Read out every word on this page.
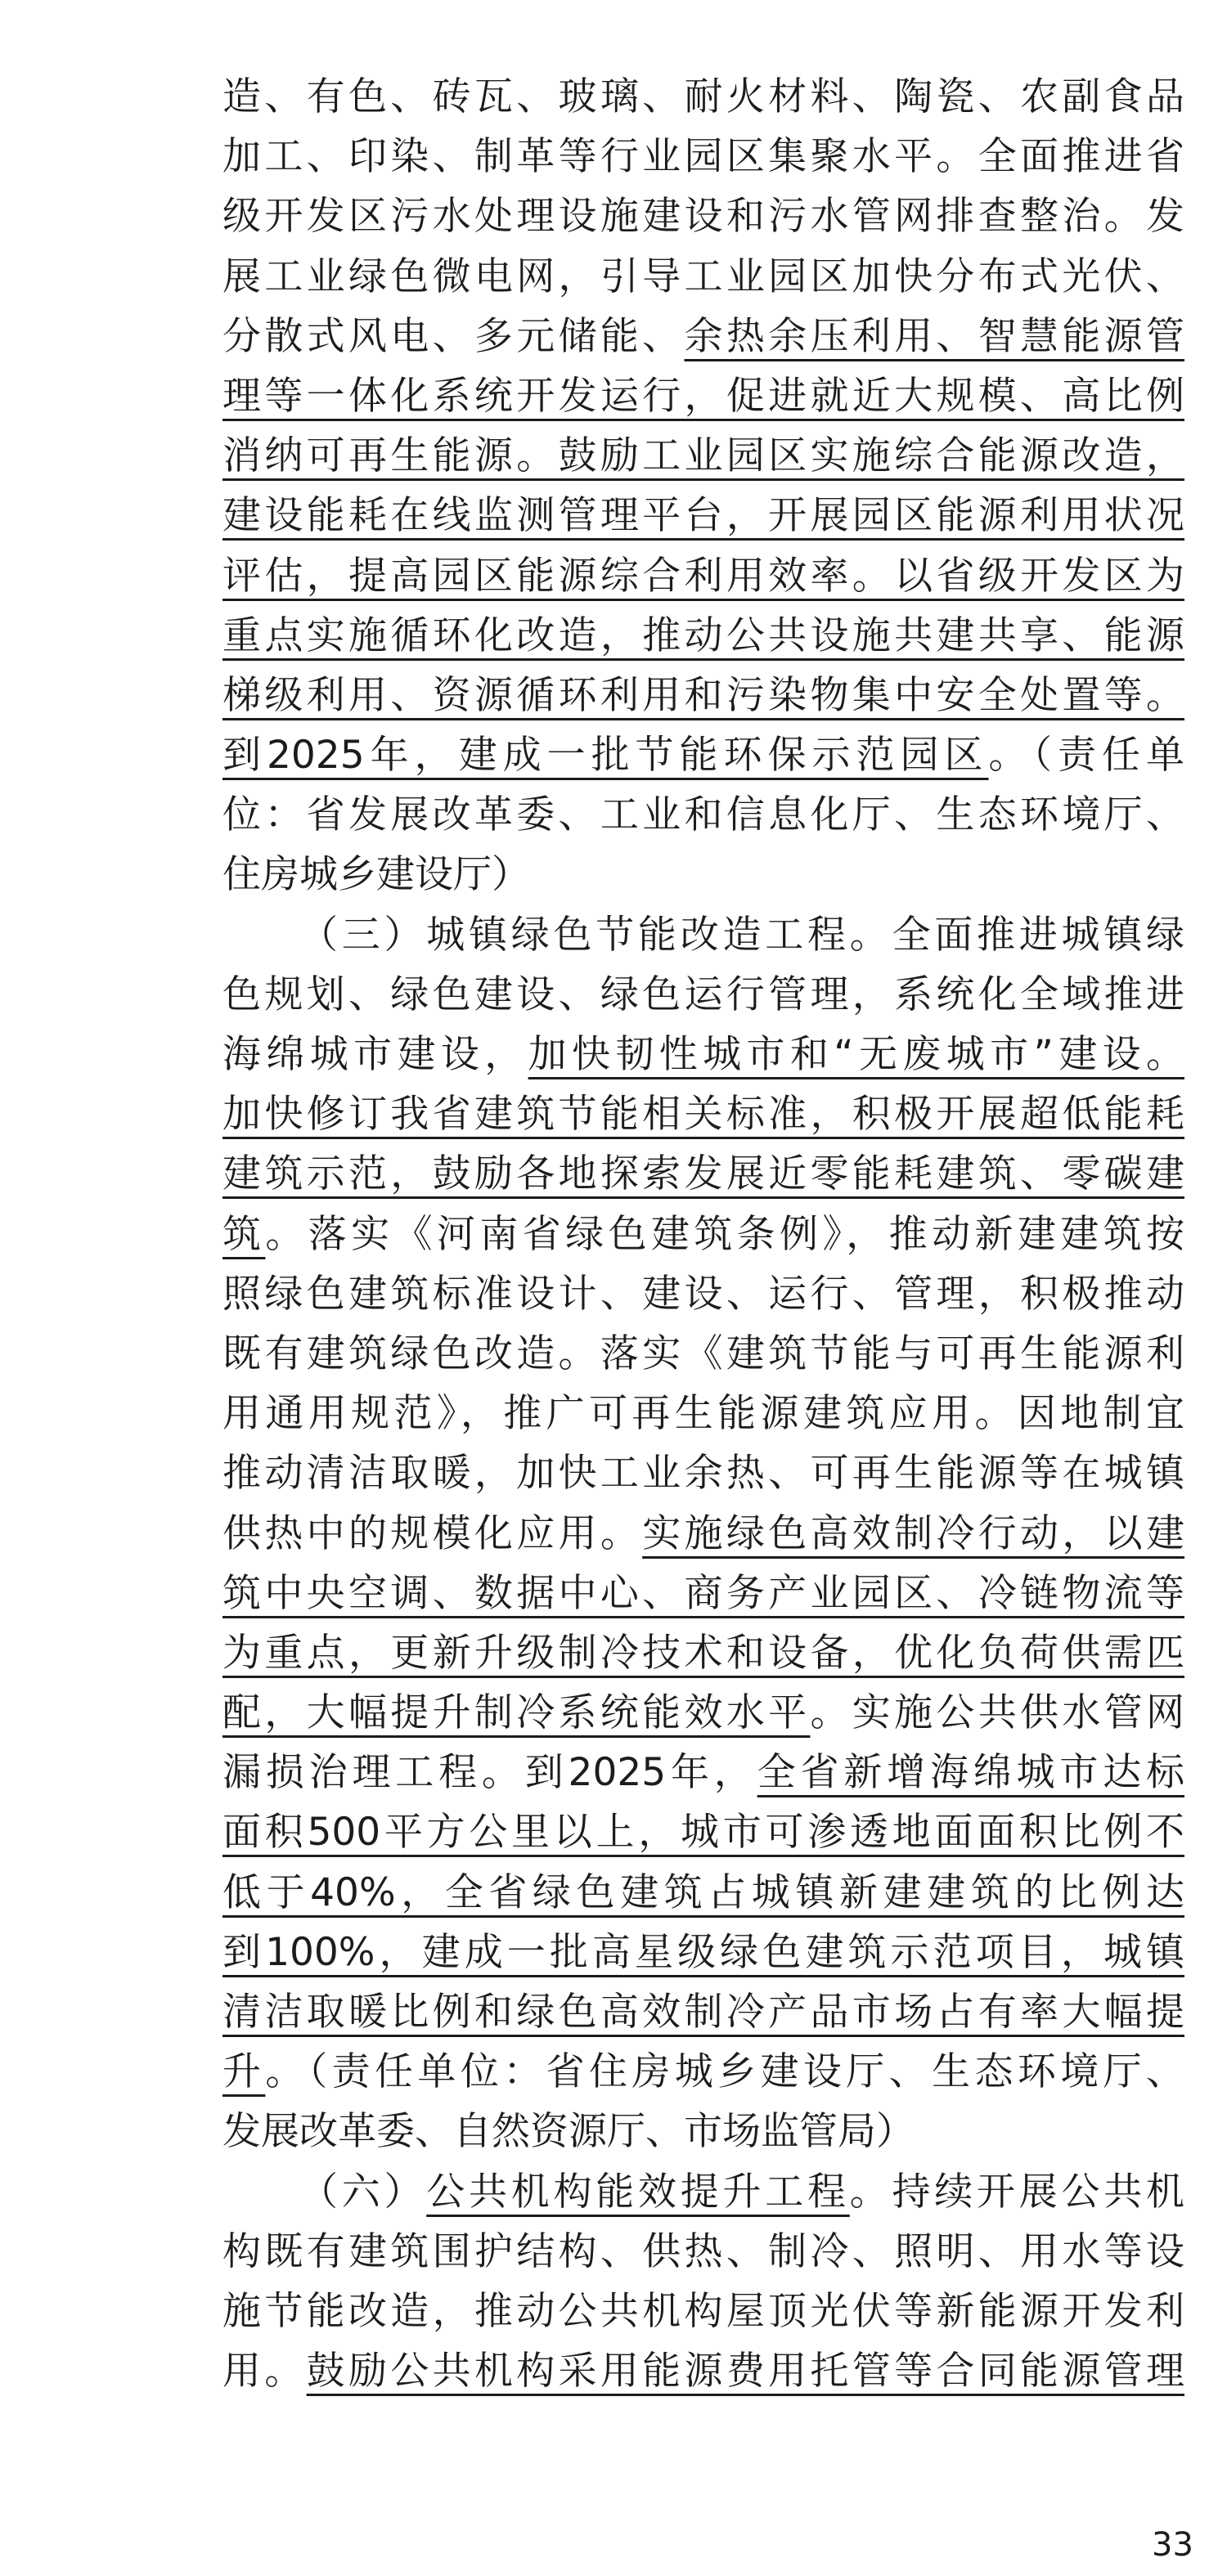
造、有色、砖瓦、玻璃、耐火材料、陶瓷、农副食品
加工、印染、制革等行业园区集聚水平。全面推进省
级开发区污水处理设施建设和污水管网排查整治。发
展工业绿色微电网，引导工业园区加快分布式光伏、
分散式风电、多元储能、余热余压利用、智慧能源管
理等一体化系统开发运行，促进就近大规模、高比例
消纳可再生能源。鼓励工业园区实施综合能源改造，
建设能耗在线监测管理平台，开展园区能源利用状况
评估，提高园区能源综合利用效率。以省级开发区为
重点实施循环化改造，推动公共设施共建共享、能源
梯级利用、资源循环利用和污染物集中安全处置等。
到2025年，建成一批节能环保示范园区。（责任单
位：省发展改革委、工业和信息化厅、生态环境厅、
住房城乡建设厅）
（三）城镇绿色节能改造工程。全面推进城镇绿
色规划、绿色建设、绿色运行管理，系统化全域推进
海绵城市建设，加快韧性城市和“无废城市”建设。
加快修订我省建筑节能相关标准，积极开展超低能耗
建筑示范，鼓励各地探索发展近零能耗建筑、零碳建
筑。落实《河南省绿色建筑条例》，推动新建建筑按
照绿色建筑标准设计、建设、运行、管理，积极推动
既有建筑绿色改造。落实《建筑节能与可再生能源利
用通用规范》，推广可再生能源建筑应用。因地制宜
推动清洁取暖，加快工业余热、可再生能源等在城镇
供热中的规模化应用。实施绿色高效制冷行动，以建
筑中央空调、数据中心、商务产业园区、冷链物流等
为重点，更新升级制冷技术和设备，优化负荷供需匹
配，大幅提升制冷系统能效水平。实施公共供水管网
漏损治理工程。到2025年，全省新增海绵城市达标
面积500平方公里以上，城市可渗透地面面积比例不
低于40%，全省绿色建筑占城镇新建建筑的比例达
到100%，建成一批高星级绿色建筑示范项目，城镇
清洁取暖比例和绿色高效制冷产品市场占有率大幅提
升。（责任单位：省住房城乡建设厅、生态环境厅、
发展改革委、自然资源厅、市场监管局）
（六）公共机构能效提升工程。持续开展公共机
构既有建筑围护结构、供热、制冷、照明、用水等设
施节能改造，推动公共机构屋顶光伏等新能源开发利
用。鼓励公共机构采用能源费用托管等合同能源管理
33
